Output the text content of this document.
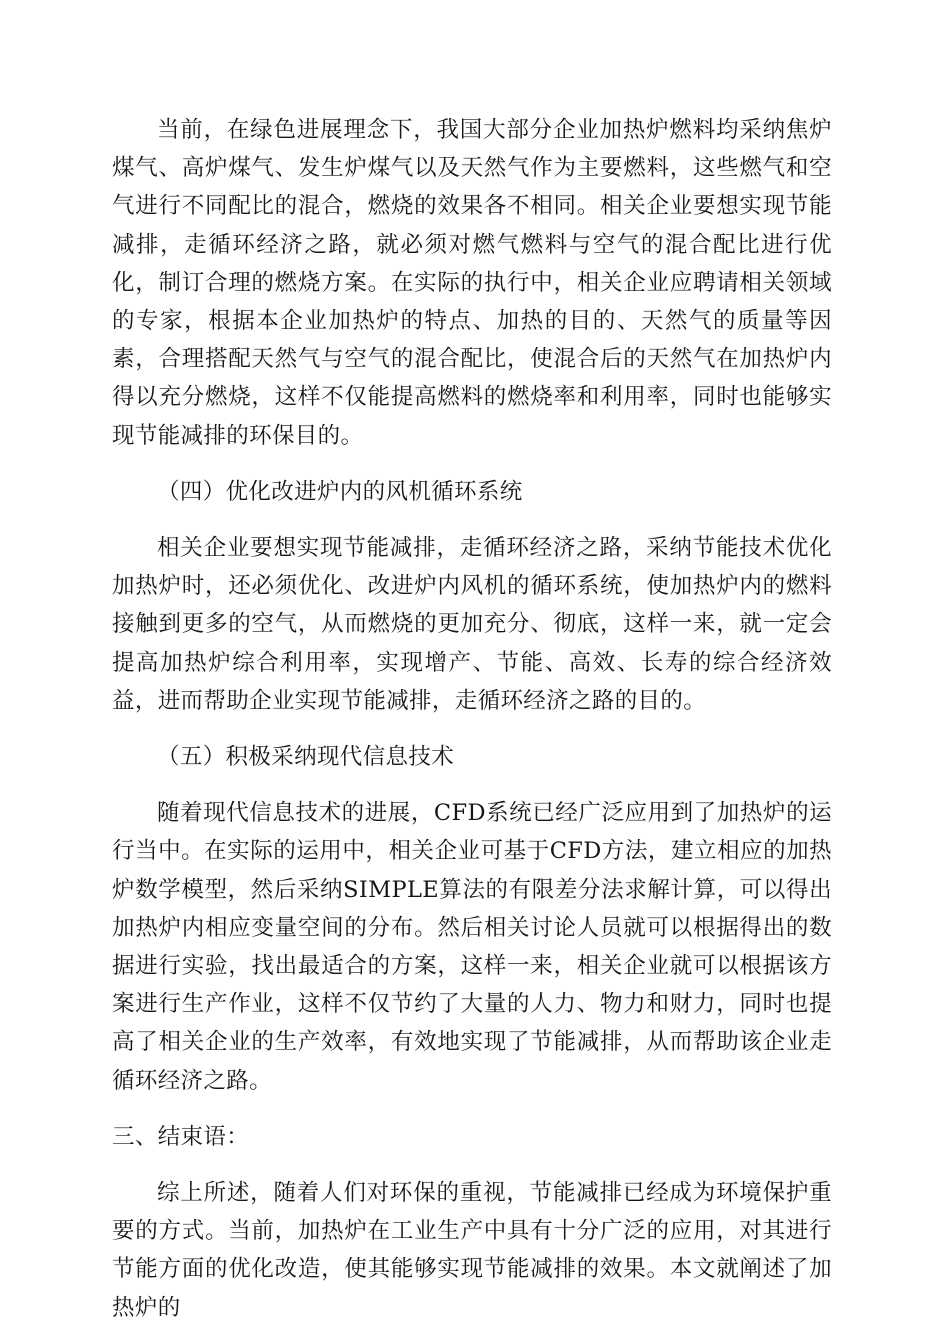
当前，在绿色进展理念下，我国大部分企业加热炉燃料均采纳焦炉煤气、高炉煤气、发生炉煤气以及天然气作为主要燃料，这些燃气和空气进行不同配比的混合，燃烧的效果各不相同。相关企业要想实现节能减排，走循环经济之路，就必须对燃气燃料与空气的混合配比进行优化，制订合理的燃烧方案。在实际的执行中，相关企业应聘请相关领域的专家，根据本企业加热炉的特点、加热的目的、天然气的质量等因素，合理搭配天然气与空气的混合配比，使混合后的天然气在加热炉内得以充分燃烧，这样不仅能提高燃料的燃烧率和利用率，同时也能够实现节能减排的环保目的。

（四）优化改进炉内的风机循环系统

相关企业要想实现节能减排，走循环经济之路，采纳节能技术优化加热炉时，还必须优化、改进炉内风机的循环系统，使加热炉内的燃料接触到更多的空气，从而燃烧的更加充分、彻底，这样一来，就一定会提高加热炉综合利用率，实现增产、节能、高效、长寿的综合经济效益，进而帮助企业实现节能减排，走循环经济之路的目的。

（五）积极采纳现代信息技术

随着现代信息技术的进展，CFD系统已经广泛应用到了加热炉的运行当中。在实际的运用中，相关企业可基于CFD方法，建立相应的加热炉数学模型，然后采纳SIMPLE算法的有限差分法求解计算，可以得出加热炉内相应变量空间的分布。然后相关讨论人员就可以根据得出的数据进行实验，找出最适合的方案，这样一来，相关企业就可以根据该方案进行生产作业，这样不仅节约了大量的人力、物力和财力，同时也提高了相关企业的生产效率，有效地实现了节能减排，从而帮助该企业走循环经济之路。

三、结束语：

综上所述，随着人们对环保的重视，节能减排已经成为环境保护重要的方式。当前，加热炉在工业生产中具有十分广泛的应用，对其进行节能方面的优化改造，使其能够实现节能减排的效果。本文就阐述了加热炉的
